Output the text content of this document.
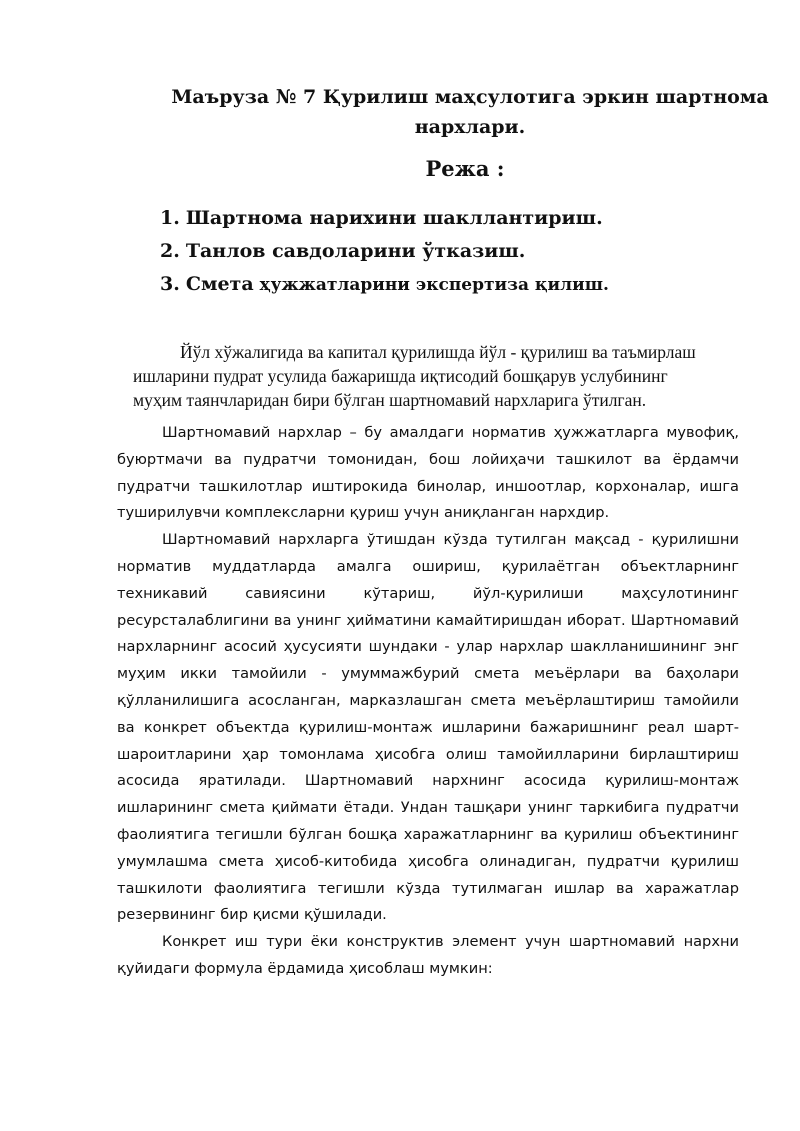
Маъруза № 7 Қурилиш маҳсулотига эркин шартнома
нархлари.
Режа :
1. Шартнома нарихини шакллантириш.
2. Танлов савдоларини ўтказиш.
3. Смета ҳужжатларини экспертиза қилиш.
Йўл хўжалигида ва капитал қурилишда йўл - қурилиш ва таъмирлаш
ишларини пудрат усулида бажаришда иқтисодий бошқарув услубининг
муҳим таянчларидан бири бўлган шартномавий нархларига ўтилган.

Шартномавий нархлар – бу амалдаги норматив ҳужжатларга мувофиқ, буюртмачи ва пудратчи томонидан, бош лойиҳачи ташкилот ва ёрдамчи пудратчи ташкилотлар иштирокида бинолар, иншоотлар, корхоналар, ишга туширилувчи комплексларни қуриш учун аниқланган нархдир.

Шартномавий нархларга ўтишдан кўзда тутилган мақсад - қурилишни норматив муддатларда амалга ошириш, қурилаётган объектларнинг техникавий савиясини кўтариш, йўл-қурилиши маҳсулотининг ресурсталаблигини ва унинг ҳийматини камайтиришдан иборат. Шартномавий нархларнинг асосий ҳусусияти шундаки - улар нархлар шаклланишининг энг муҳим икки тамойили - умуммажбурий смета меъёрлари ва баҳолари қўлланилишига асосланган, марказлашган смета меъёрлаштириш тамойили ва конкрет объектда қурилиш-монтаж ишларини бажаришнинг реал шарт-шароитларини ҳар томонлама ҳисобга олиш тамойилларини бирлаштириш асосида яратилади. Шартномавий нархнинг асосида қурилиш-монтаж ишларининг смета қиймати ётади. Ундан ташқари унинг таркибига пудратчи фаолиятига тегишли бўлган бошқа харажатларнинг ва қурилиш объектининг умумлашма смета ҳисоб-китобида ҳисобга олинадиган, пудратчи қурилиш ташкилоти фаолиятига тегишли кўзда тутилмаган ишлар ва харажатлар резервининг бир қисми қўшилади.

Конкрет иш тури ёки конструктив элемент учун шартномавий нархни қуйидаги формула ёрдамида ҳисоблаш мумкин:
